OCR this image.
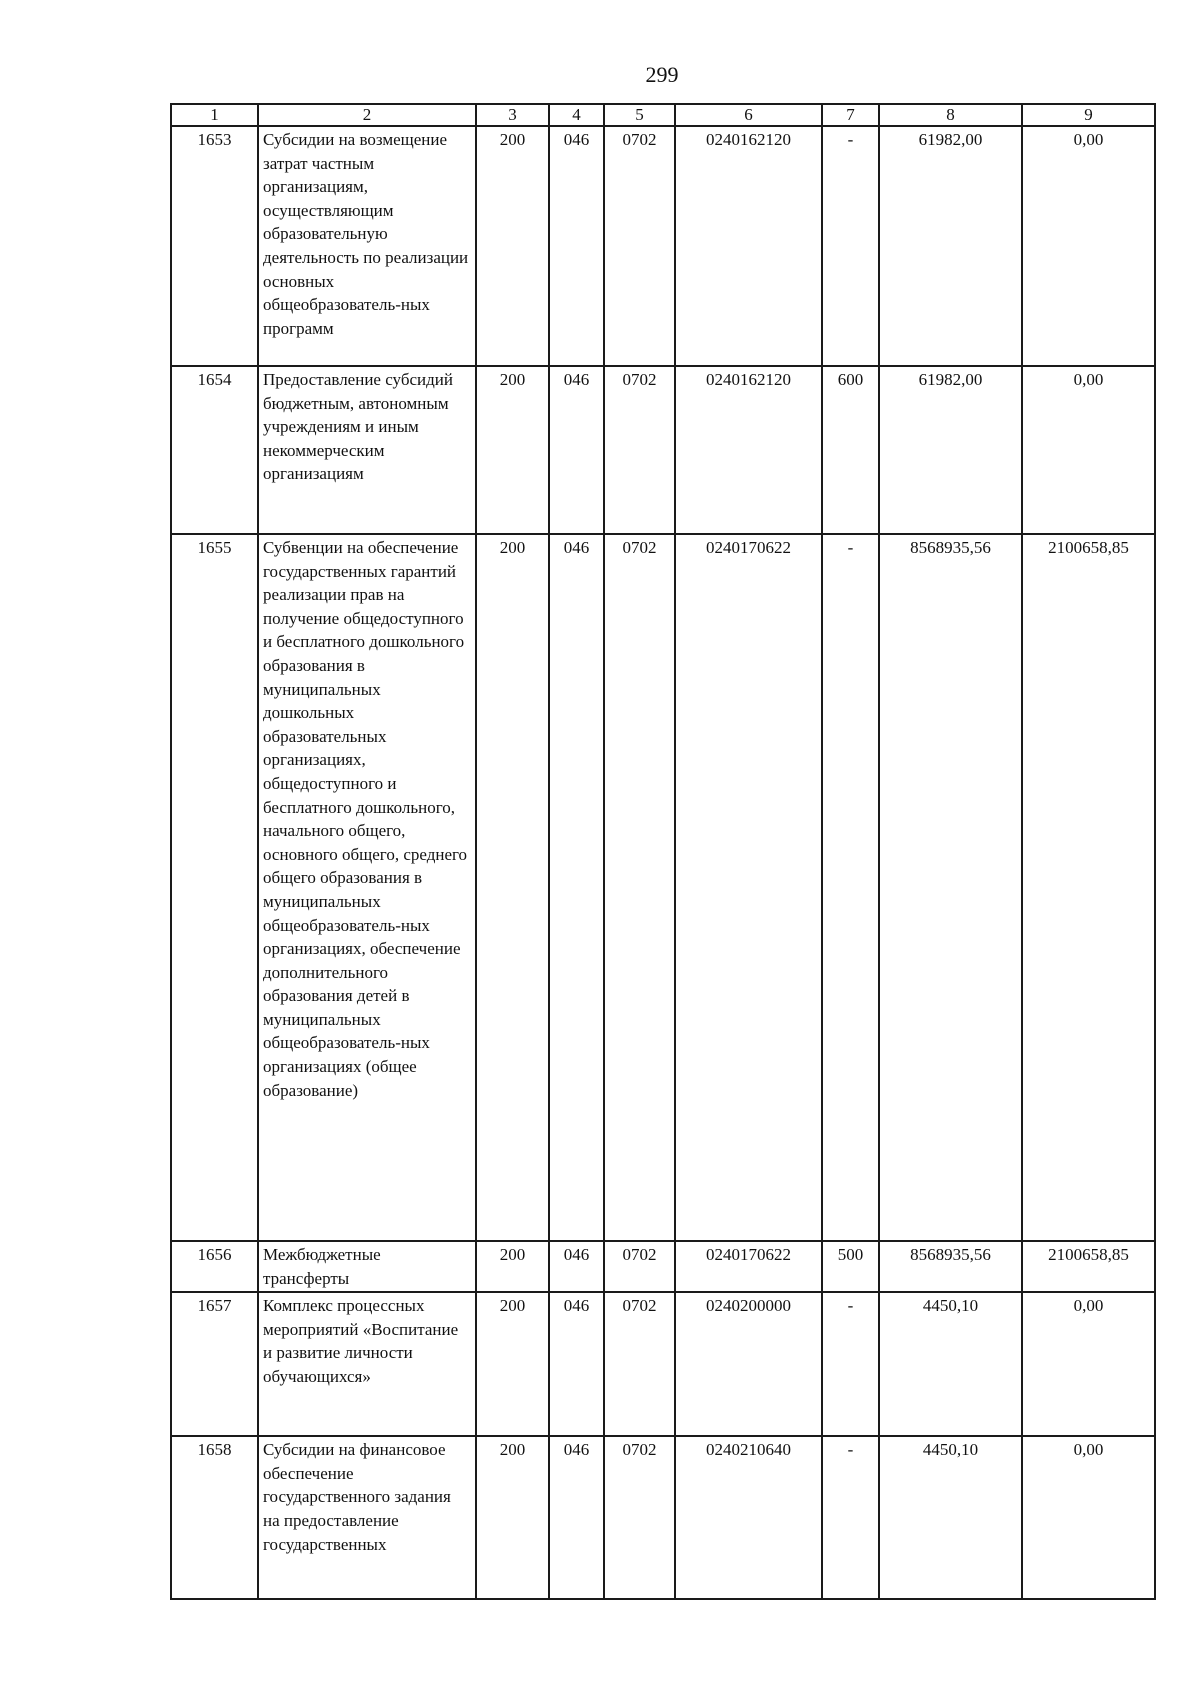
299
1	2	3	4	5	6	7	8	9
1653	Субсидии на возмещение затрат частным организациям, осуществляющим образовательную деятельность по реализации основных общеобразователь-ных программ	200	046	0702	0240162120	-	61982,00	0,00
1654	Предоставление субсидий бюджетным, автономным учреждениям и иным некоммерческим организациям	200	046	0702	0240162120	600	61982,00	0,00
1655	Субвенции на обеспечение государственных гарантий реализации прав на получение общедоступного и бесплатного дошкольного образования в муниципальных дошкольных образовательных организациях, общедоступного и бесплатного дошкольного, начального общего, основного общего, среднего общего образования в муниципальных общеобразователь-ных организациях, обеспечение дополнительного образования детей в муниципальных общеобразователь-ных организациях (общее образование)	200	046	0702	0240170622	-	8568935,56	2100658,85
1656	Межбюджетные трансферты	200	046	0702	0240170622	500	8568935,56	2100658,85
1657	Комплекс процессных мероприятий «Воспитание и развитие личности обучающихся»	200	046	0702	0240200000	-	4450,10	0,00
1658	Субсидии на финансовое обеспечение государственного задания на предоставление государственных	200	046	0702	0240210640	-	4450,10	0,00
